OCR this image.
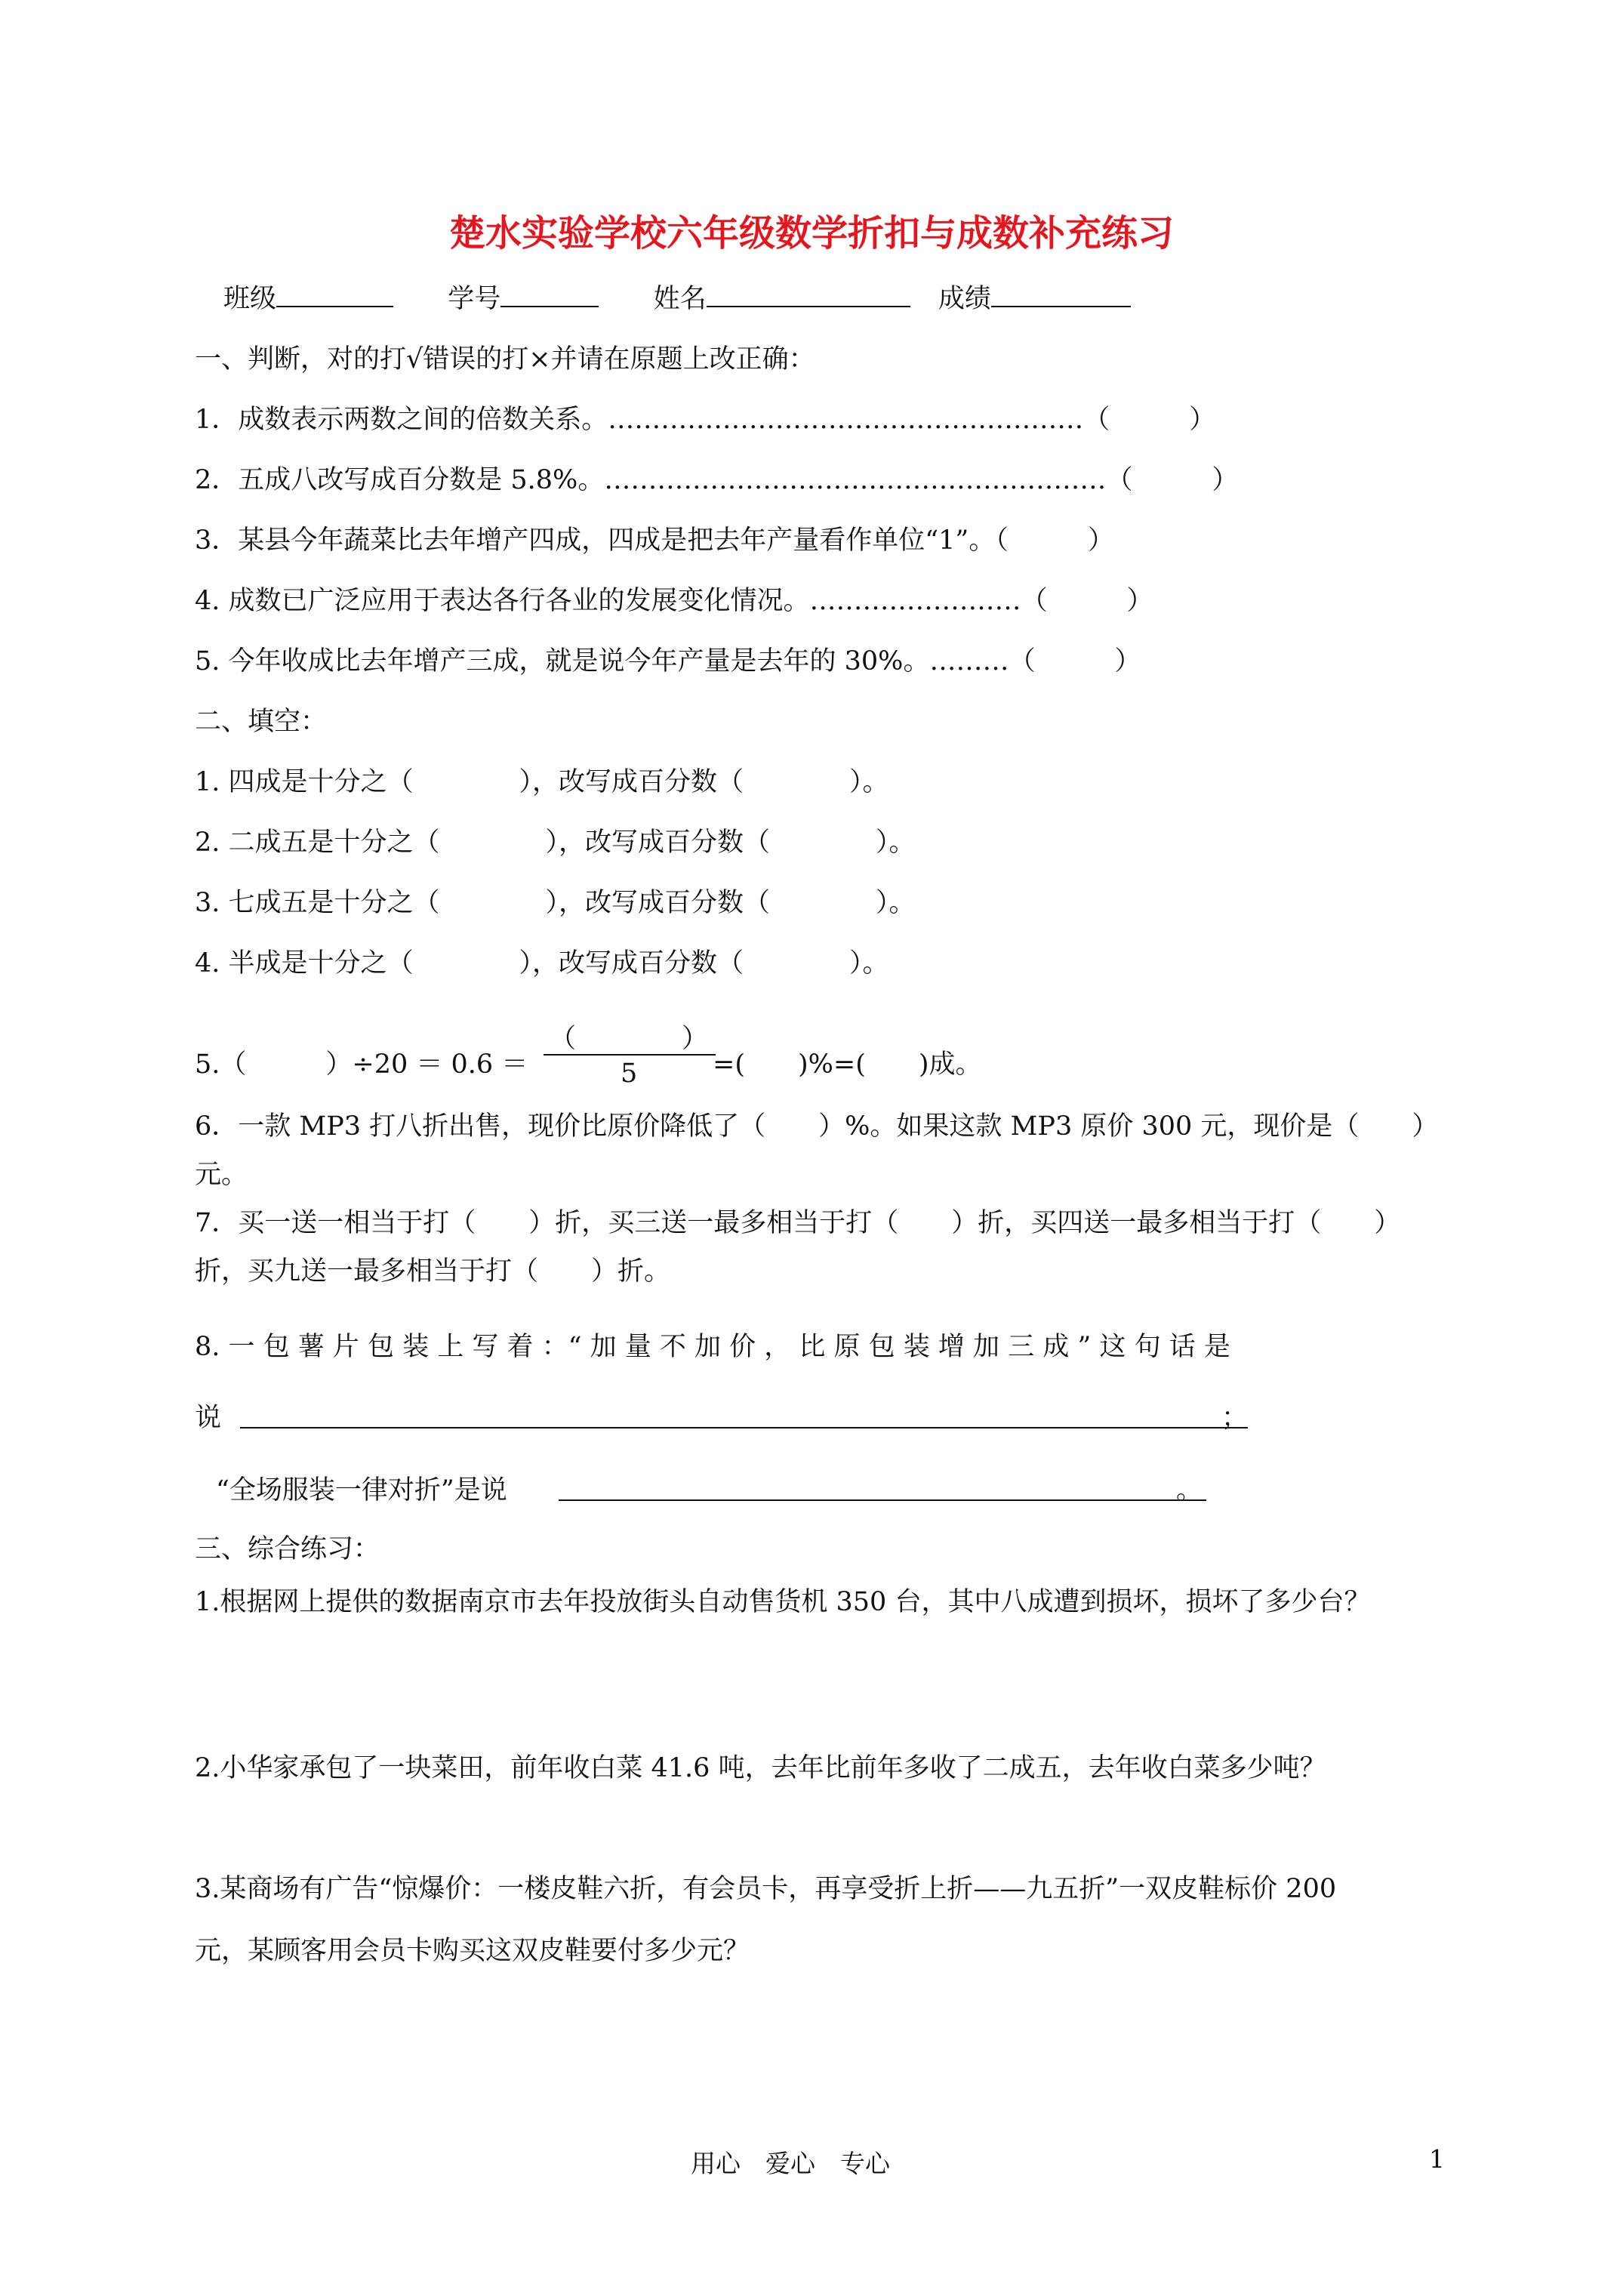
楚水实验学校六年级数学折扣与成数补充练习
班级	学号	姓名	成绩
一、判断，对的打√错误的打×并请在原题上改正确：
1．成数表示两数之间的倍数关系。………………………………………………（　　　）
2．五成八改写成百分数是 5.8%。…………………………………………………（　　　）
3．某县今年蔬菜比去年增产四成，四成是把去年产量看作单位“1”。（　　　）
4. 成数已广泛应用于表达各行各业的发展变化情况。……………………（　　　）
5. 今年收成比去年增产三成，就是说今年产量是去年的 30%。………（　　　）
二、填空：
1. 四成是十分之（　　　　），改写成百分数（　　　　）。
2. 二成五是十分之（　　　　），改写成百分数（　　　　）。
3. 七成五是十分之（　　　　），改写成百分数（　　　　）。
4. 半成是十分之（　　　　），改写成百分数（　　　　）。
5.（　　　）÷20 ＝ 0.6 ＝
（　　　　）
5	=(　　)%=(　　)成。
6．一款 MP3 打八折出售，现价比原价降低了（　　）%。如果这款 MP3 原价 300 元，现价是（　　）
元。
7．买一送一相当于打（　　）折，买三送一最多相当于打（　　）折，买四送一最多相当于打（　　）
折，买九送一最多相当于打（　　）折。
8. 一 包 薯 片 包 装 上 写 着 ：“ 加 量 不 加 价 ， 比 原 包 装 增 加 三 成 ” 这 句 话 是
说	；
“全场服装一律对折”是说	。
三、综合练习：
1.根据网上提供的数据南京市去年投放街头自动售货机 350 台，其中八成遭到损坏，损坏了多少台？
2.小华家承包了一块菜田，前年收白菜 41.6 吨，去年比前年多收了二成五，去年收白菜多少吨？
3.某商场有广告“惊爆价：一楼皮鞋六折，有会员卡，再享受折上折——九五折”一双皮鞋标价 200
元，某顾客用会员卡购买这双皮鞋要付多少元？
用心　爱心　专心	1
